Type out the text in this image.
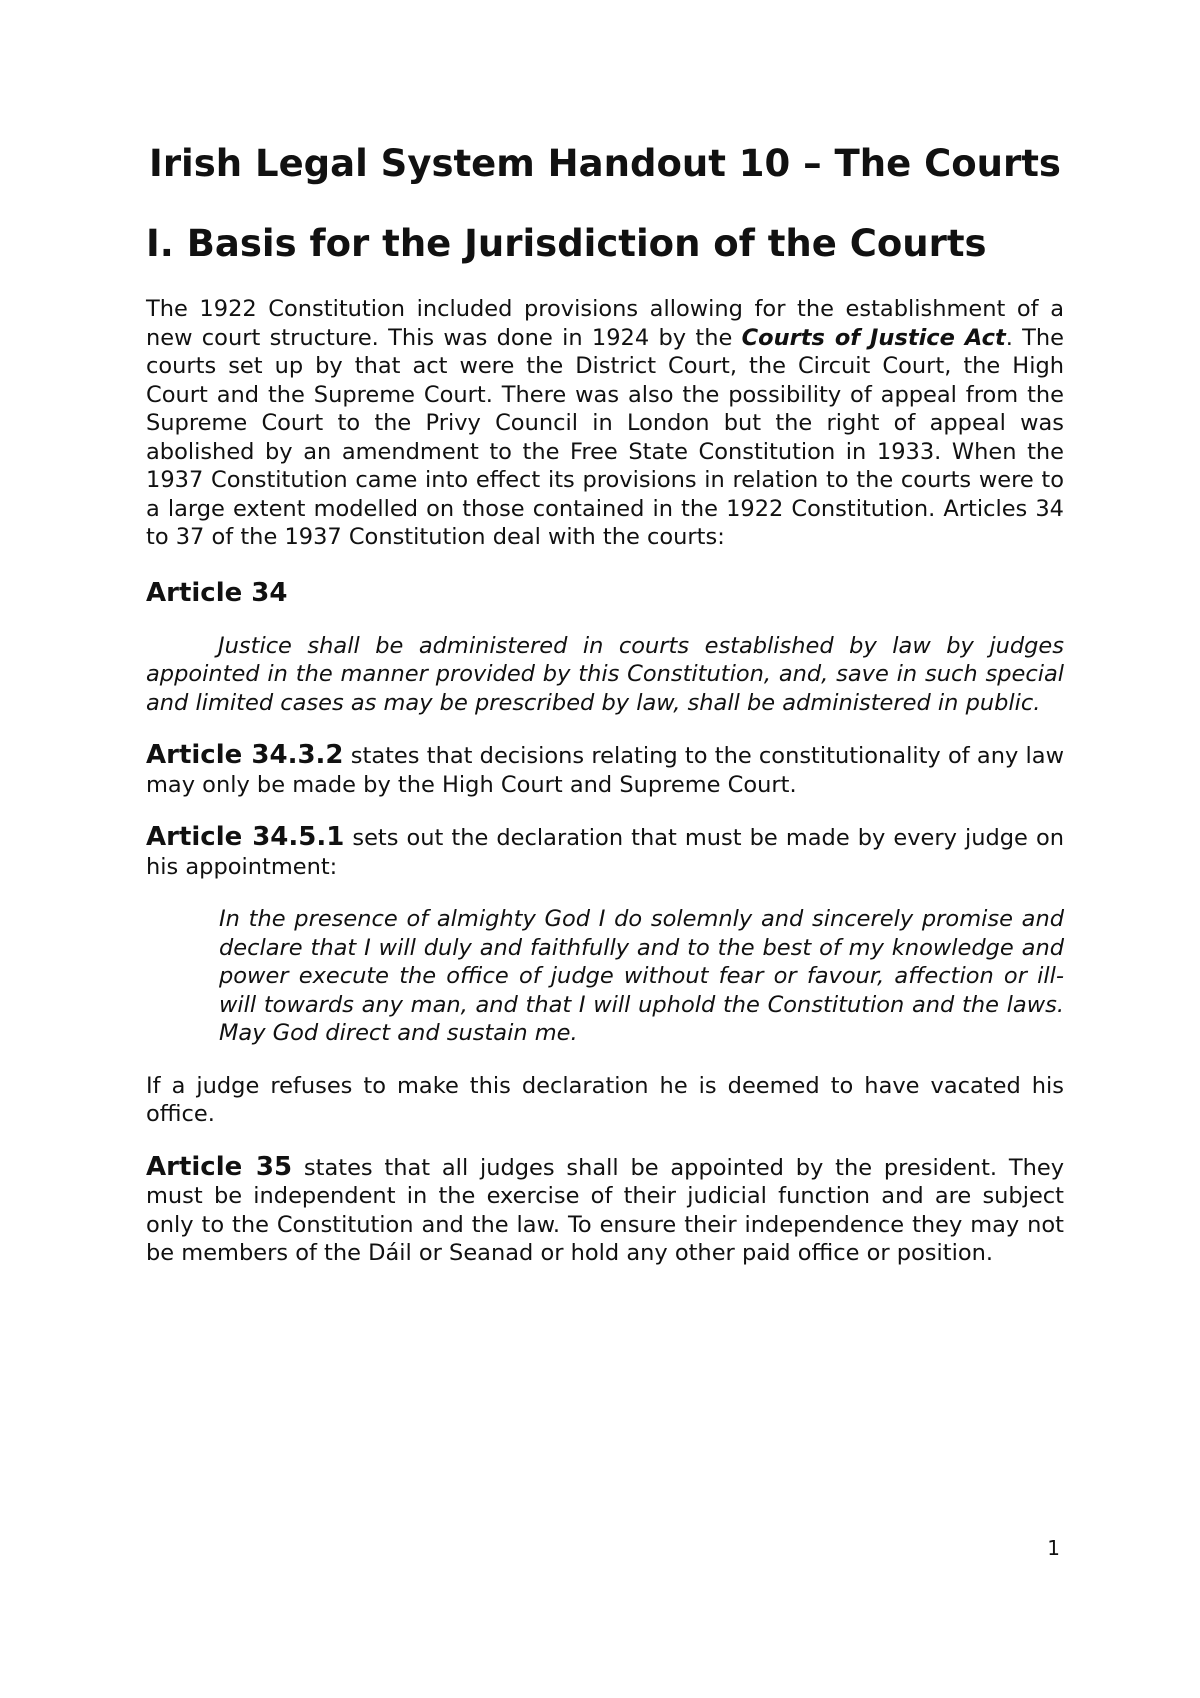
Irish Legal System Handout 10 – The Courts
I. Basis for the Jurisdiction of the Courts

The 1922 Constitution included provisions allowing for the establishment of a new court structure. This was done in 1924 by the Courts of Justice Act. The courts set up by that act were the District Court, the Circuit Court, the High Court and the Supreme Court. There was also the possibility of appeal from the Supreme Court to the Privy Council in London but the right of appeal was abolished by an amendment to the Free State Constitution in 1933. When the 1937 Constitution came into effect its provisions in relation to the courts were to a large extent modelled on those contained in the 1922 Constitution. Articles 34 to 37 of the 1937 Constitution deal with the courts:

Article 34

Justice shall be administered in courts established by law by judges appointed in the manner provided by this Constitution, and, save in such special and limited cases as may be prescribed by law, shall be administered in public.

Article 34.3.2 states that decisions relating to the constitutionality of any law may only be made by the High Court and Supreme Court.

Article 34.5.1 sets out the declaration that must be made by every judge on his appointment:

In the presence of almighty God I do solemnly and sincerely promise and declare that I will duly and faithfully and to the best of my knowledge and power execute the office of judge without fear or favour, affection or ill-will towards any man, and that I will uphold the Constitution and the laws. May God direct and sustain me.

If a judge refuses to make this declaration he is deemed to have vacated his office.

Article 35 states that all judges shall be appointed by the president. They must be independent in the exercise of their judicial function and are subject only to the Constitution and the law. To ensure their independence they may not be members of the Dáil or Seanad or hold any other paid office or position.

1
